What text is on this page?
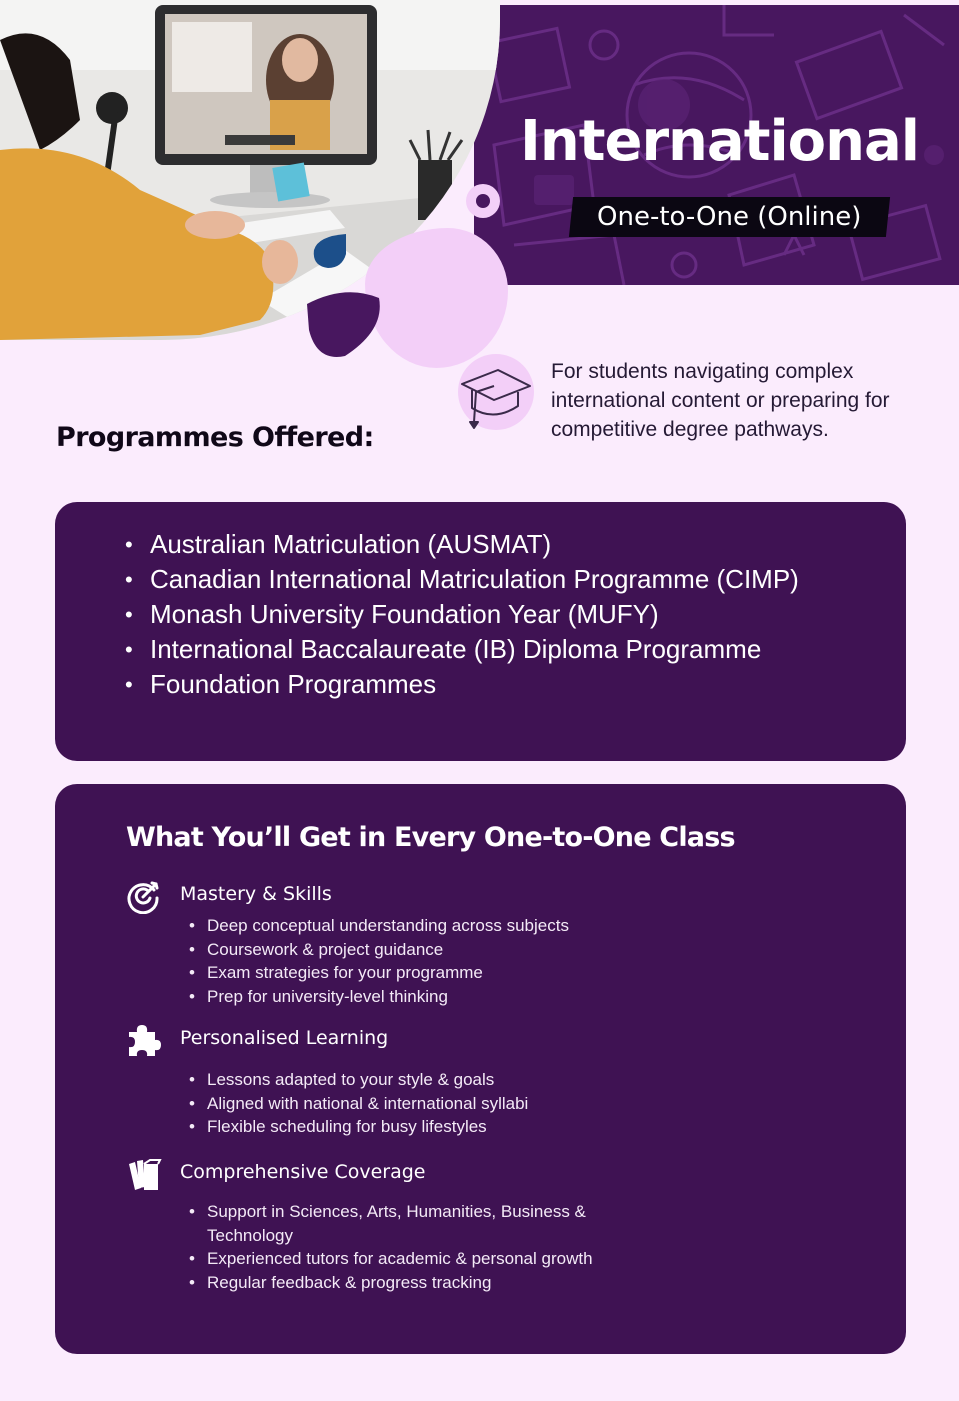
International
One-to-One (Online)
For students navigating complex international content or preparing for competitive degree pathways.
Programmes Offered:
• Australian Matriculation (AUSMAT)
• Canadian International Matriculation Programme (CIMP)
• Monash University Foundation Year (MUFY)
• International Baccalaureate (IB) Diploma Programme
• Foundation Programmes
What You’ll Get in Every One-to-One Class
Mastery & Skills
• Deep conceptual understanding across subjects
• Coursework & project guidance
• Exam strategies for your programme
• Prep for university-level thinking
Personalised Learning
• Lessons adapted to your style & goals
• Aligned with national & international syllabi
• Flexible scheduling for busy lifestyles
Comprehensive Coverage
• Support in Sciences, Arts, Humanities, Business & Technology
• Experienced tutors for academic & personal growth
• Regular feedback & progress tracking
